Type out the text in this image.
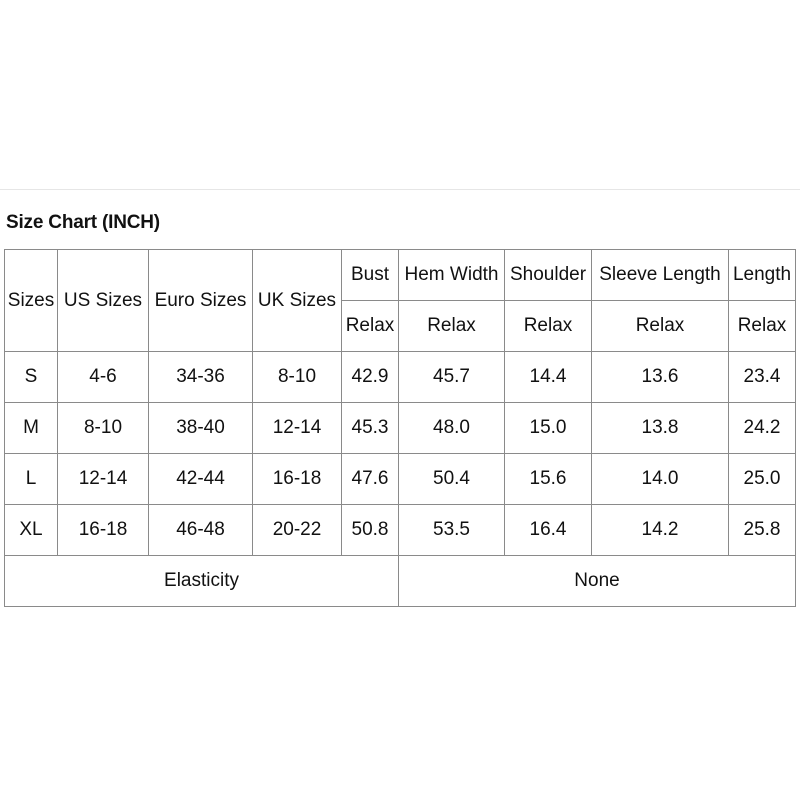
Size Chart (INCH)
Sizes	US Sizes	Euro Sizes	UK Sizes	Bust	Hem Width	Shoulder	Sleeve Length	Length
				Relax	Relax	Relax	Relax	Relax
S	4-6	34-36	8-10	42.9	45.7	14.4	13.6	23.4
M	8-10	38-40	12-14	45.3	48.0	15.0	13.8	24.2
L	12-14	42-44	16-18	47.6	50.4	15.6	14.0	25.0
XL	16-18	46-48	20-22	50.8	53.5	16.4	14.2	25.8
Elasticity					None			
